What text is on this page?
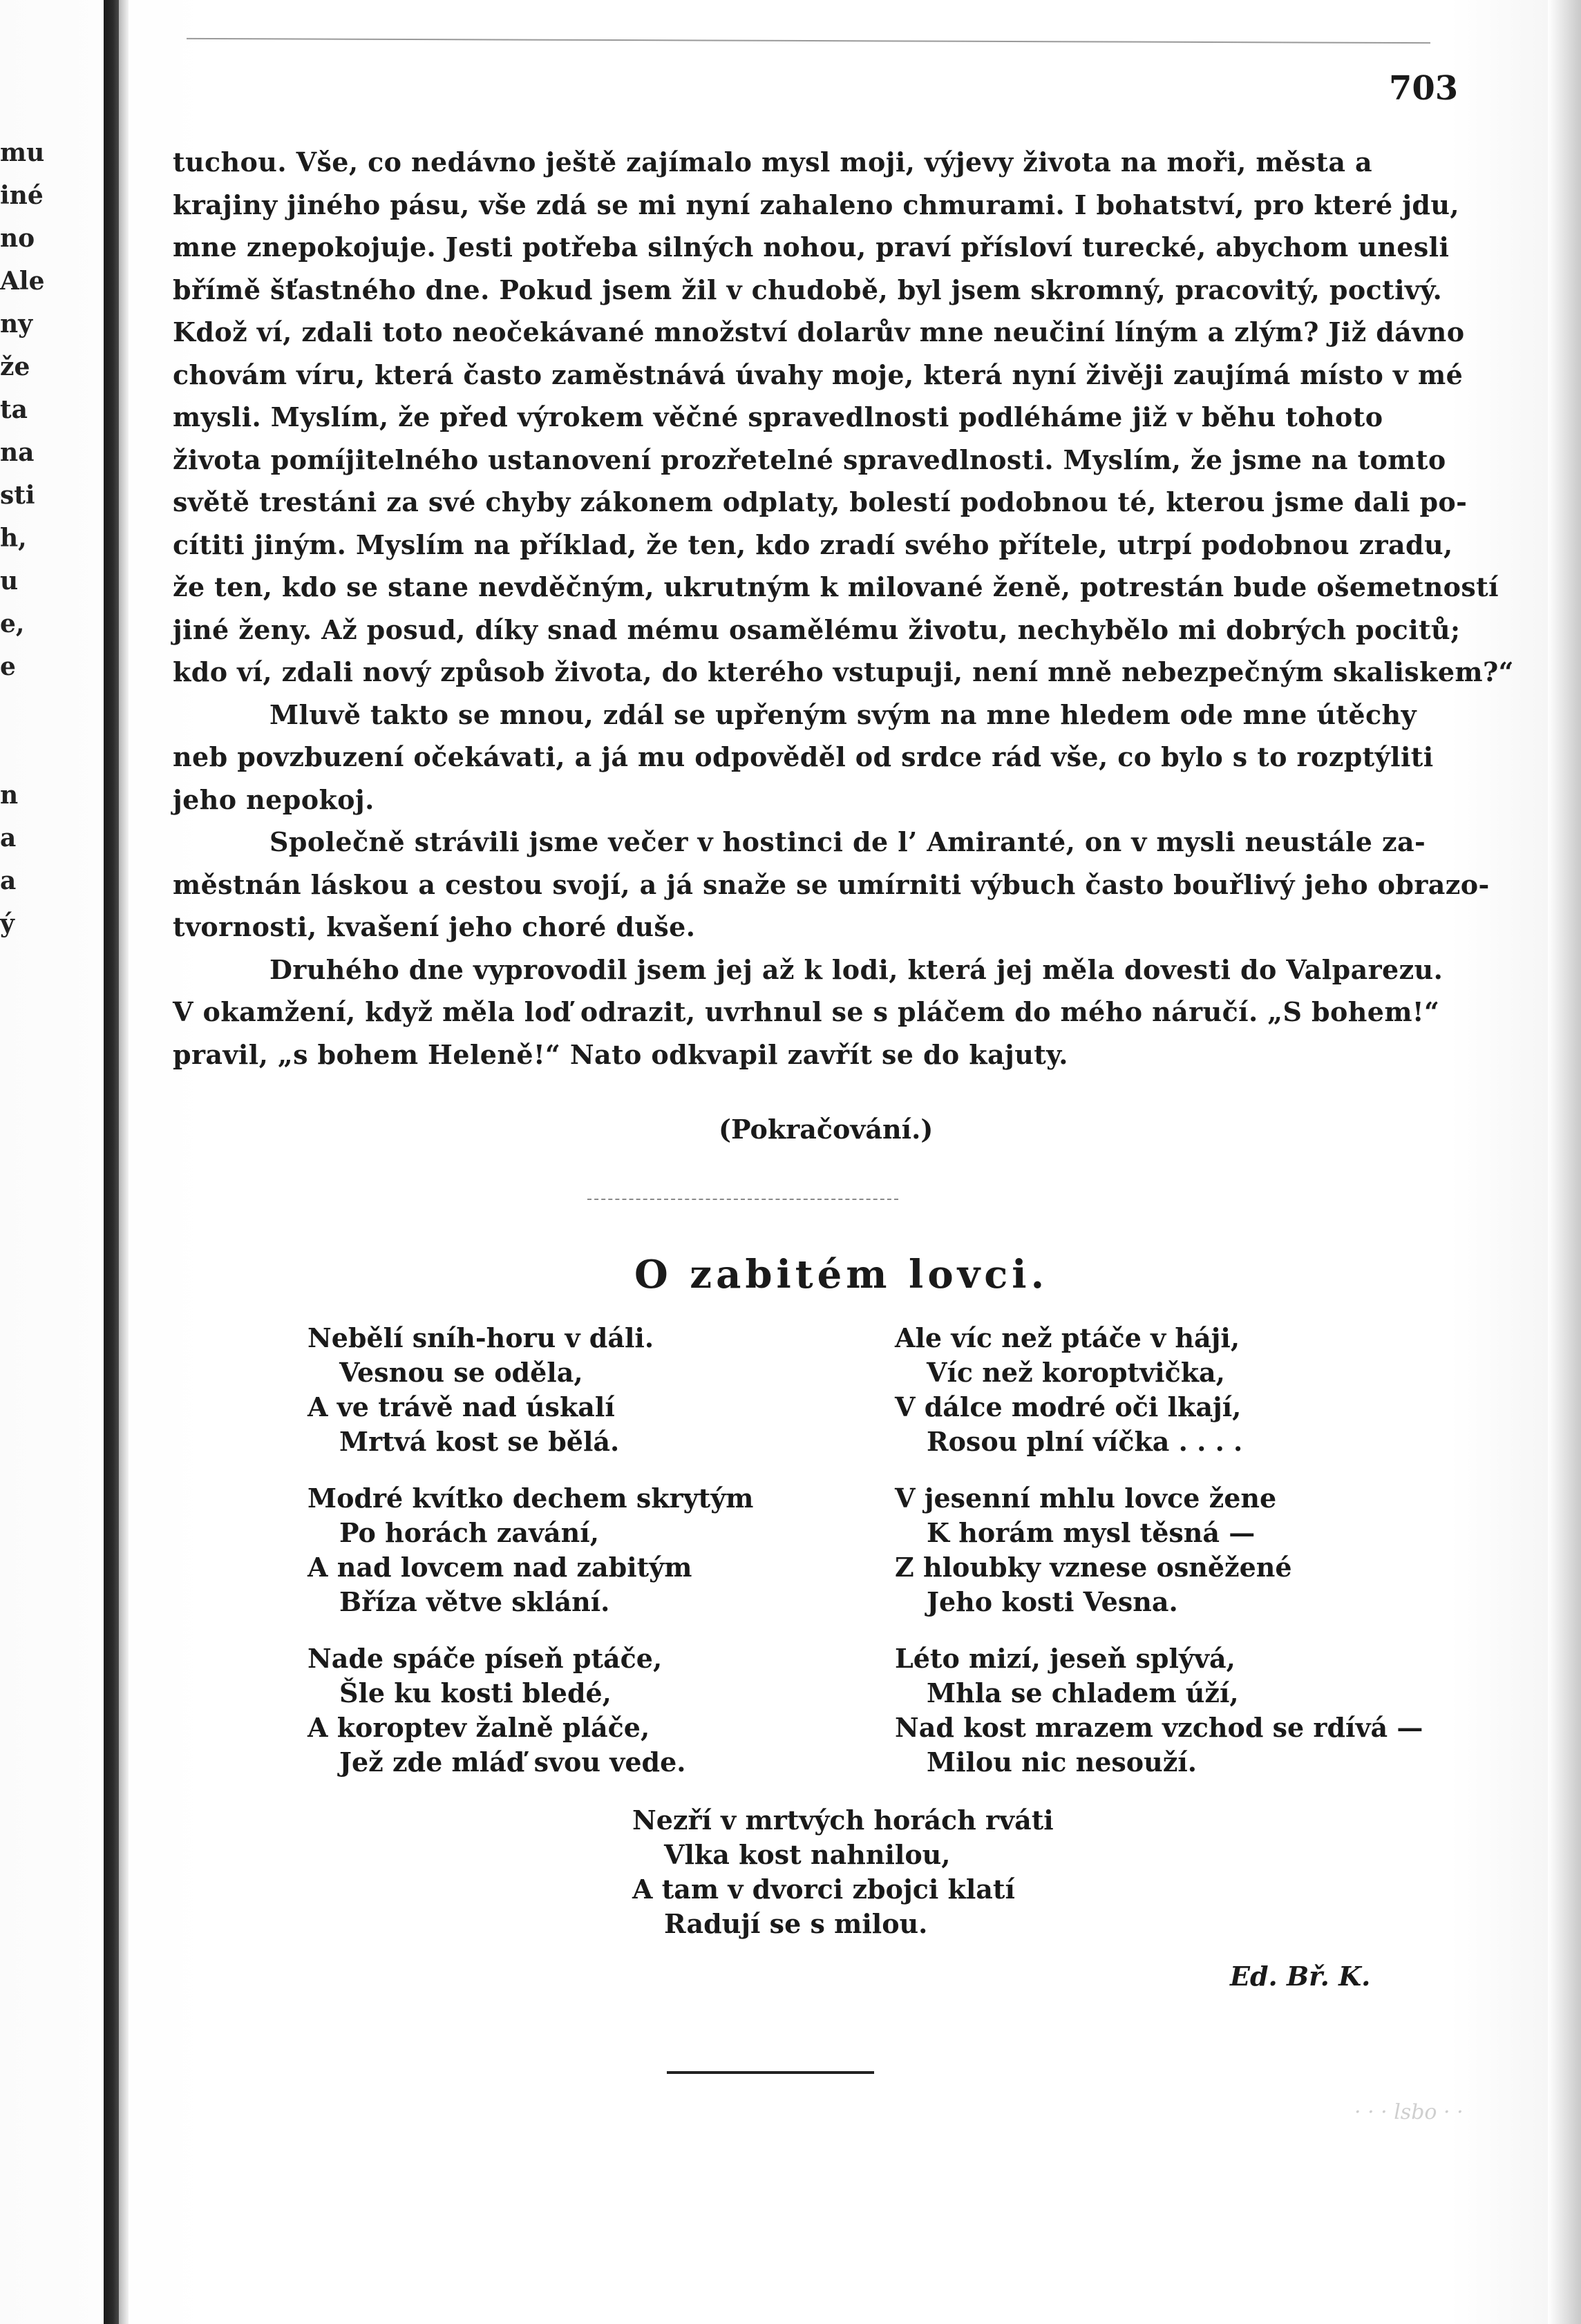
mu
iné
no
Ale
ny
že
ta
na
sti
h,
u
e,
e
n
a
a
ý
703
tuchou. Vše, co nedávno ještě zajímalo mysl moji, výjevy života na moři, města a
krajiny jiného pásu, vše zdá se mi nyní zahaleno chmurami. I bohatství, pro které jdu,
mne znepokojuje. Jesti potřeba silných nohou, praví přísloví turecké, abychom unesli
břímě šťastného dne. Pokud jsem žil v chudobě, byl jsem skromný, pracovitý, poctivý.
Kdož ví, zdali toto neočekávané množství dolarův mne neučiní líným a zlým? Již dávno
chovám víru, která často zaměstnává úvahy moje, která nyní živěji zaujímá místo v mé
mysli. Myslím, že před výrokem věčné spravedlnosti podléháme již v běhu tohoto
života pomíjitelného ustanovení prozřetelné spravedlnosti. Myslím, že jsme na tomto
světě trestáni za své chyby zákonem odplaty, bolestí podobnou té, kterou jsme dali po-
cítiti jiným. Myslím na příklad, že ten, kdo zradí svého přítele, utrpí podobnou zradu,
že ten, kdo se stane nevděčným, ukrutným k milované ženě, potrestán bude ošemetností
jiné ženy. Až posud, díky snad mému osamělému životu, nechybělo mi dobrých pocitů;
kdo ví, zdali nový způsob života, do kterého vstupuji, není mně nebezpečným skaliskem?“
Mluvě takto se mnou, zdál se upřeným svým na mne hledem ode mne útěchy
neb povzbuzení očekávati, a já mu odpověděl od srdce rád vše, co bylo s to rozptýliti
jeho nepokoj.
Společně strávili jsme večer v hostinci de l’ Amiranté, on v mysli neustále za-
městnán láskou a cestou svojí, a já snaže se umírniti výbuch často bouřlivý jeho obrazo-
tvornosti, kvašení jeho choré duše.
Druhého dne vyprovodil jsem jej až k lodi, která jej měla dovesti do Valparezu.
V okamžení, když měla loď odrazit, uvrhnul se s pláčem do mého náručí. „S bohem!“
pravil, „s bohem Heleně!“ Nato odkvapil zavřít se do kajuty.
(Pokračování.)
O zabitém lovci.
Nebělí sníh-horu v dáli.
Vesnou se oděla,
A ve trávě nad úskalí
Mrtvá kost se bělá.
Modré kvítko dechem skrytým
Po horách zavání,
A nad lovcem nad zabitým
Bříza větve sklání.
Nade spáče píseň ptáče,
Šle ku kosti bledé,
A koroptev žalně pláče,
Jež zde mláď svou vede.
Ale víc než ptáče v háji,
Víc než koroptvička,
V dálce modré oči lkají,
Rosou plní víčka . . . .
V jesenní mhlu lovce žene
K horám mysl těsná —
Z hloubky vznese osněžené
Jeho kosti Vesna.
Léto mizí, jeseň splývá,
Mhla se chladem úží,
Nad kost mrazem vzchod se rdívá —
Milou nic nesouží.
Nezří v mrtvých horách rváti
Vlka kost nahnilou,
A tam v dvorci zbojci klatí
Radují se s milou.
Ed. Bř. K.
· · · lsbo · ·
